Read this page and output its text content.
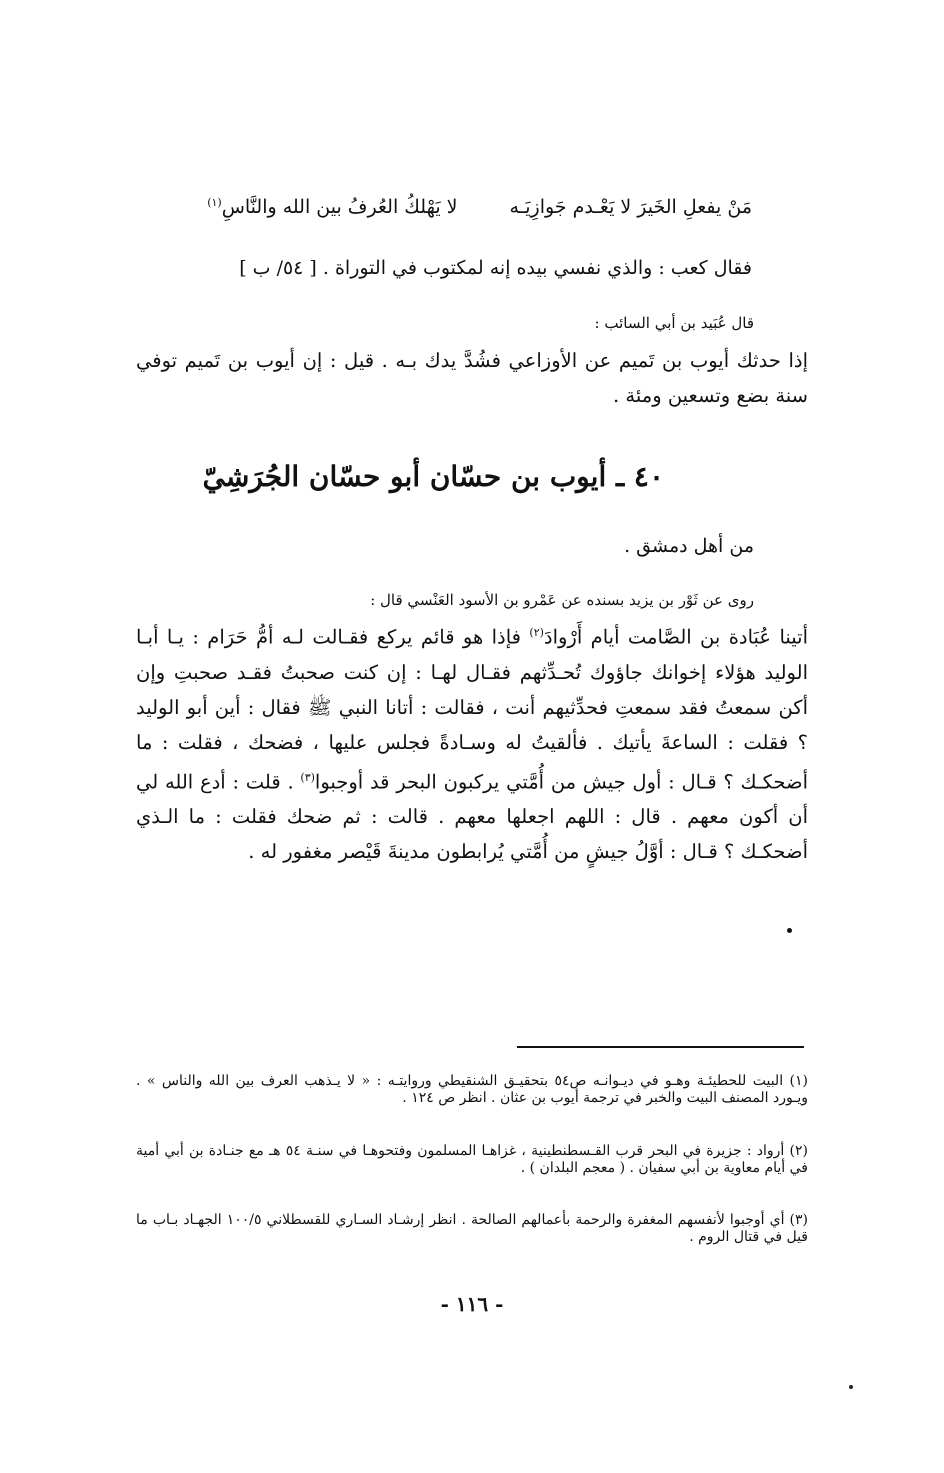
مَنْ يفعلِ الخَيرَ لا يَعْـدم جَوازِيَـهلا يَهْلكُ العُرفُ بين الله والنَّاسِ$^{(١)}$
فقال كعب : والذي نفسي بيده إنه لمكتوب في التوراة . [ ٥٤/ ب ]
قال عُبَيد بن أبي السائب :
إذا حدثك أيوب بن تَميم عن الأوزاعي فشُدَّ يدك بـه . قيل : إن أيوب بن تَميم توفي سنة بضع وتسعين ومئة .
٤٠ ـ أيوب بن حسّان أبو حسّان الجُرَشِيّ
من أهل دمشق .
روى عن ثَوْر بن يزيد بسنده عن عَمْرو بن الأسود العَنْسي قال :
أتينا عُبَادة بن الصَّامت أيام أَرْوادَ$^{(٢)}$ فإذا هو قائم يركع فقـالت لـه أمُّ حَرَام : يـا أبـا الوليد هؤلاء إخوانك جاؤوك تُحـدِّثهم فقـال لهـا : إن كنت صحبتُ فقـد صحبتِ وإن أكن سمعتُ فقد سمعتِ فحدِّثيهم أنت ، فقالت : أتانا النبي ﷺ فقال : أين أبو الوليد ؟ فقلت : الساعةَ يأتيك . فألقيتُ له وسـادةً فجلس عليها ، فضحك ، فقلت : ما أضحكـك ؟ قـال : أول جيش من أُمَّتي يركبون البحر قد أوجبوا$^{(٣)}$ . قلت : أدع الله لي أن أكون معهم . قال : اللهم اجعلها معهم . قالت : ثم ضحك فقلت : ما الـذي أضحكـك ؟ قـال : أوَّلُ جيشٍ من أُمَّتي يُرابطون مدينةَ قَيْصر مغفور له .
(١) البيت للحطيئـة وهـو في ديـوانـه ص٥٤ بتحقيـق الشنقيطي وروايتـه : « لا يـذهب العرف بين الله والناس » . ويـورد المصنف البيت والخبر في ترجمة أيوب بن عثان . انظر ص ١٢٤ .
(٢) أرواد : جزيرة في البحر قرب القـسطنطينية ، غزاهـا المسلمون وفتحوهـا في سنـة ٥٤ هـ مع جنـادة بن أبي أمية في أيام معاوية بن أبي سفيان . ( معجم البلدان ) .
(٣) أي أوجبوا لأنفسهم المغفرة والرحمة بأعمالهم الصالحة . انظر إرشـاد السـاري للقسطلاني ١٠٠/٥ الجهـاد بـاب ما قيل في قتال الروم .
- ١١٦ -
